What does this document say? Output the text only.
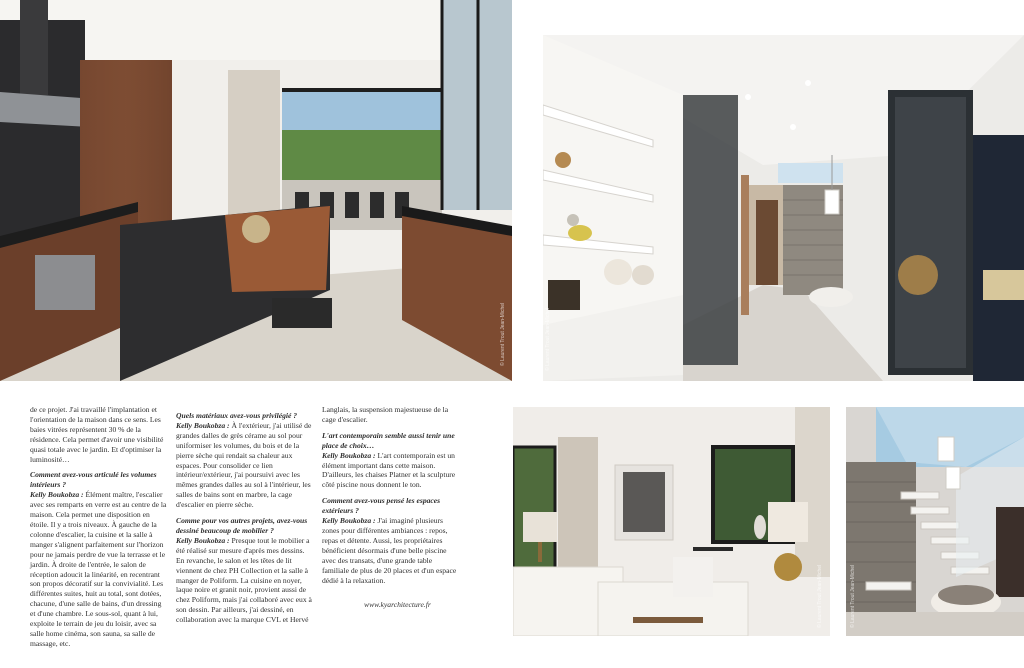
© Laurent Trout Jean-Michel	© Laurent Trout Jean-Michel
© Laurent Trout Jean-Michel	© Laurent Trout Jean-Michel

de ce projet. J'ai travaillé l'implantation et l'orientation de la maison dans ce sens. Les baies vitrées représentent 30 % de la résidence. Cela permet d'avoir une visibilité quasi totale avec le jardin. Et d'optimiser la luminosité…

Comment avez-vous articulé les volumes intérieurs ?

Kelly Boukobza : Élément maître, l'escalier avec ses remparts en verre est au centre de la maison. Cela permet une disposition en étoile. Il y a trois niveaux. À gauche de la colonne d'escalier, la cuisine et la salle à manger s'alignent parfaitement sur l'horizon pour ne jamais perdre de vue la terrasse et le jardin. À droite de l'entrée, le salon de réception adoucit la linéarité, en recentrant son propos décoratif sur la convivialité. Les différentes suites, huit au total, sont dotées, chacune, d'une salle de bains, d'un dressing et d'une chambre. Le sous-sol, quant à lui, exploite le terrain de jeu du loisir, avec sa salle home cinéma, son sauna, sa salle de massage, etc.

Quels matériaux avez-vous privilégié ?

Kelly Boukobza : À l'extérieur, j'ai utilisé de grandes dalles de grès cérame au sol pour uniformiser les volumes, du bois et de la pierre sèche qui rendait sa chaleur aux espaces. Pour consolider ce lien intérieur/extérieur, j'ai poursuivi avec les mêmes grandes dalles au sol à l'intérieur, les salles de bains sont en marbre, la cage d'escalier en pierre sèche.

Comme pour vos autres projets, avez-vous dessiné beaucoup de mobilier ?

Kelly Boukobza : Presque tout le mobilier a été réalisé sur mesure d'après mes dessins. En revanche, le salon et les têtes de lit viennent de chez PH Collection et la salle à manger de Poliform. La cuisine en noyer, laque noire et granit noir, provient aussi de chez Poliform, mais j'ai collaboré avec eux à son dessin. Par ailleurs, j'ai dessiné, en collaboration avec la marque CVL et Hervé

Langlais, la suspension majestueuse de la cage d'escalier.

L'art contemporain semble aussi tenir une place de choix…

Kelly Boukobza : L'art contemporain est un élément important dans cette maison. D'ailleurs, les chaises Platner et la sculpture côté piscine nous donnent le ton.

Comment avez-vous pensé les espaces extérieurs ?

Kelly Boukobza : J'ai imaginé plusieurs zones pour différentes ambiances : repos, repas et détente. Aussi, les propriétaires bénéficient désormais d'une belle piscine avec des transats, d'une grande table familiale de plus de 20 places et d'un espace dédié à la relaxation.

www.kyarchitecture.fr
